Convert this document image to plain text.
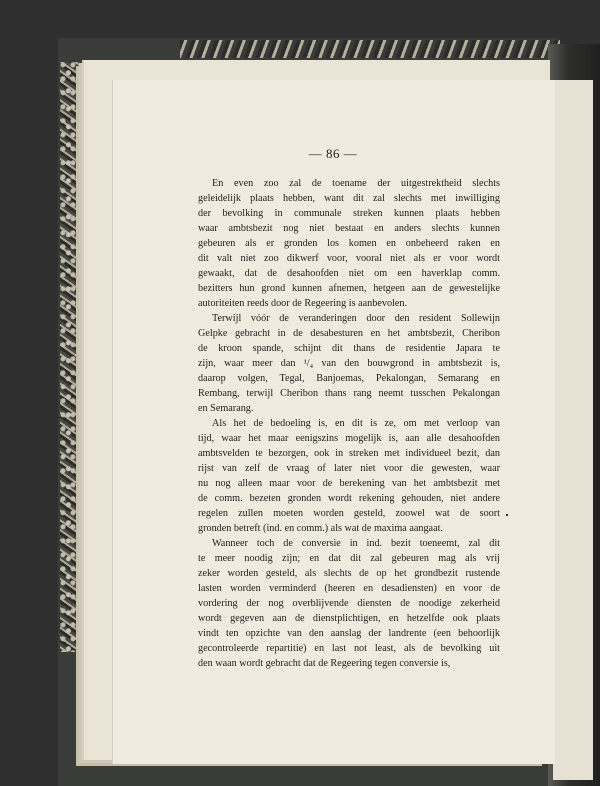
— 86 —

En even zoo zal de toename der uitgestrektheid slechts
geleidelijk plaats hebben, want dit zal slechts met inwilliging
der bevolking in communale streken kunnen plaats hebben
waar ambtsbezit nog niet bestaat en anders slechts kunnen
gebeuren als er gronden los komen en onbeheerd raken en
dit valt niet zoo dikwerf voor, vooral niet als er voor wordt
gewaakt, dat de desahoofden niet om een haverklap comm.
bezitters hun grond kunnen afnemen, hetgeen aan de gewestelijke
autoriteiten reeds door de Regeering is aanbevolen.

Terwijl vóór de veranderingen door den resident Sollewijn
Gelpke gebracht in de desabesturen en het ambtsbezit, Cheribon
de kroon spande, schijnt dit thans de residentie Japara te
zijn, waar meer dan ¹/₄ van den bouwgrond in ambtsbezit is,
daarop volgen, Tegal, Banjoemas, Pekalongan, Semarang en
Rembang, terwijl Cheribon thans rang neemt tusschen Pekalongan
en Semarang.

Als het de bedoeling is, en dit is ze, om met verloop van
tijd, waar het maar eenigszins mogelijk is, aan alle desahoofden
ambtsvelden te bezorgen, ook in streken met individueel bezit, dan
rijst van zelf de vraag of later niet voor die gewesten, waar
nu nog alleen maar voor de berekening van het ambtsbezit met
de comm. bezeten gronden wordt rekening gehouden, niet andere
regelen zullen moeten worden gesteld, zoowel wat de soort
gronden betreft (ind. en comm.) als wat de maxima aangaat.

Wanneer toch de conversie in ind. bezit toeneemt, zal dit
te meer noodig zijn; en dat dit zal gebeuren mag als vrij
zeker worden gesteld, als slechts de op het grondbezit rustende
lasten worden verminderd (heeren en desadiensten) en voor de
vordering der nog overblijvende diensten de noodige zekerheid
wordt gegeven aan de dienstplichtigen, en hetzelfde ook plaats
vindt ten opzichte van den aanslag der landrente (een behoorlijk
gecontroleerde repartitie) en last not least, als de bevolking uit
den waan wordt gebracht dat de Regeering tegen conversie is,
